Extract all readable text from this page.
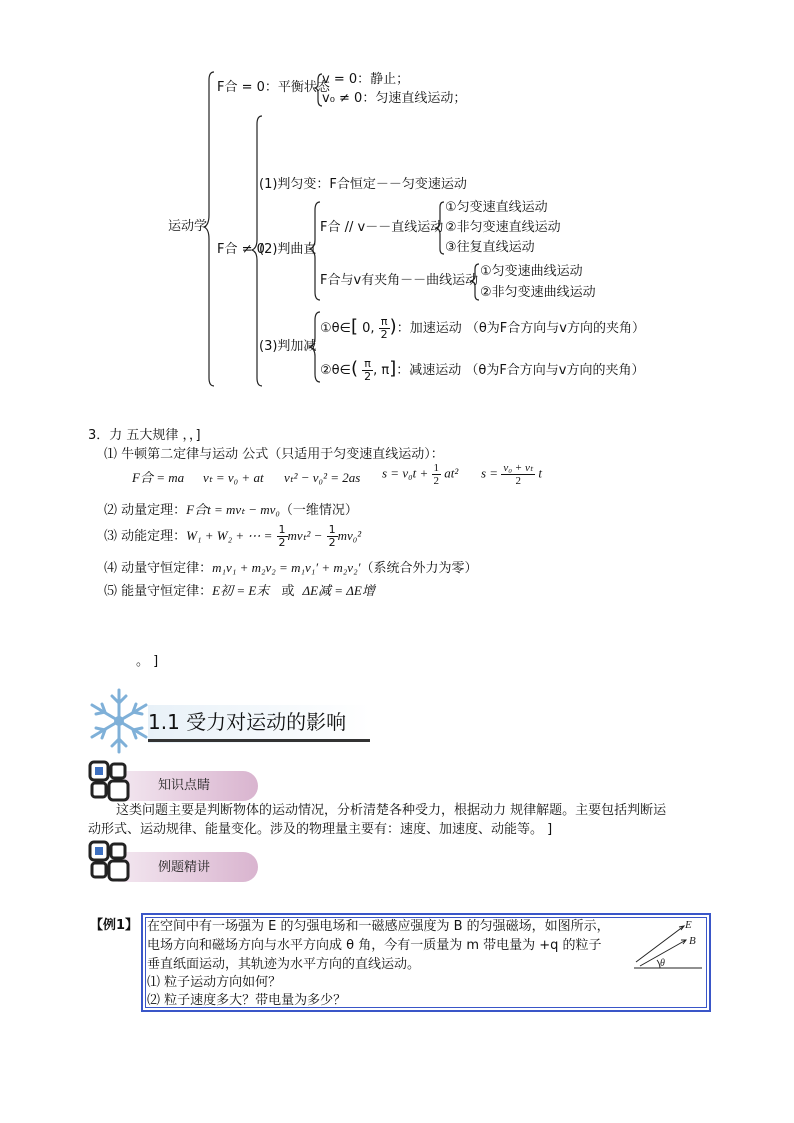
运动学
F合 = 0：平衡状态
v = 0：静止；
v₀ ≠ 0：匀速直线运动；
F合 ≠ 0
(1)判匀变：F合恒定－－匀变速运动
(2)判曲直
F合 // v－－直线运动
①匀变速直线运动
②非匀变速直线运动
③往复直线运动
F合与v有夹角－－曲线运动
①匀变速曲线运动
②非匀变速曲线运动
(3)判加减
①θ∈[ 0, $\frac{\pi}{2}$ )：加速运动 （θ为F合方向与v方向的夹角）
②θ∈( $\frac{\pi}{2}$ , π]：减速运动 （θ为F合方向与v方向的夹角）
3．力 五大规律 ，，]
⑴ 牛顿第二定律与运动 公式（只适用于匀变速直线运动）：
F合 = ma vₜ = v₀ + at vₜ² − v₀² = 2as $s = v_0t + \frac{1}{2} at^2$ $s = \frac{\text{v₀ + vₜ}}{2}$ t
⑵ 动量定理：F合t = mvₜ − mv₀（一维情况）
⑶ 动能定理：W₁ + W₂ + ⋯ = $\frac{1}{2} mv_t^2 - \frac{1}{2} mv_0^2$
⑷ 动量守恒定律：m₁v₁ + m₂v₂ = m₁v₁′ + m₂v₂′（系统合外力为零）
⑸ 能量守恒定律：E初 = E末 或 ΔE减 = ΔE增
。 ]
1.1 受力对运动的影响
知识点睛
这类问题主要是判断物体的运动情况，分析清楚各种受力，根据动力 规律解题。主要包括判断运
动形式、运动规律、能量变化。涉及的物理量主要有：速度、加速度、动能等。 ]
例题精讲
【例1】 在空间中有一场强为 E 的匀强电场和一磁感应强度为 B 的匀强磁场，如图所示，
电场方向和磁场方向与水平方向成 θ 角，今有一质量为 m 带电量为 +q 的粒子
垂直纸面运动，其轨迹为水平方向的直线运动。
⑴ 粒子运动方向如何？
⑵ 粒子速度多大？带电量为多少？
E
B
θ
